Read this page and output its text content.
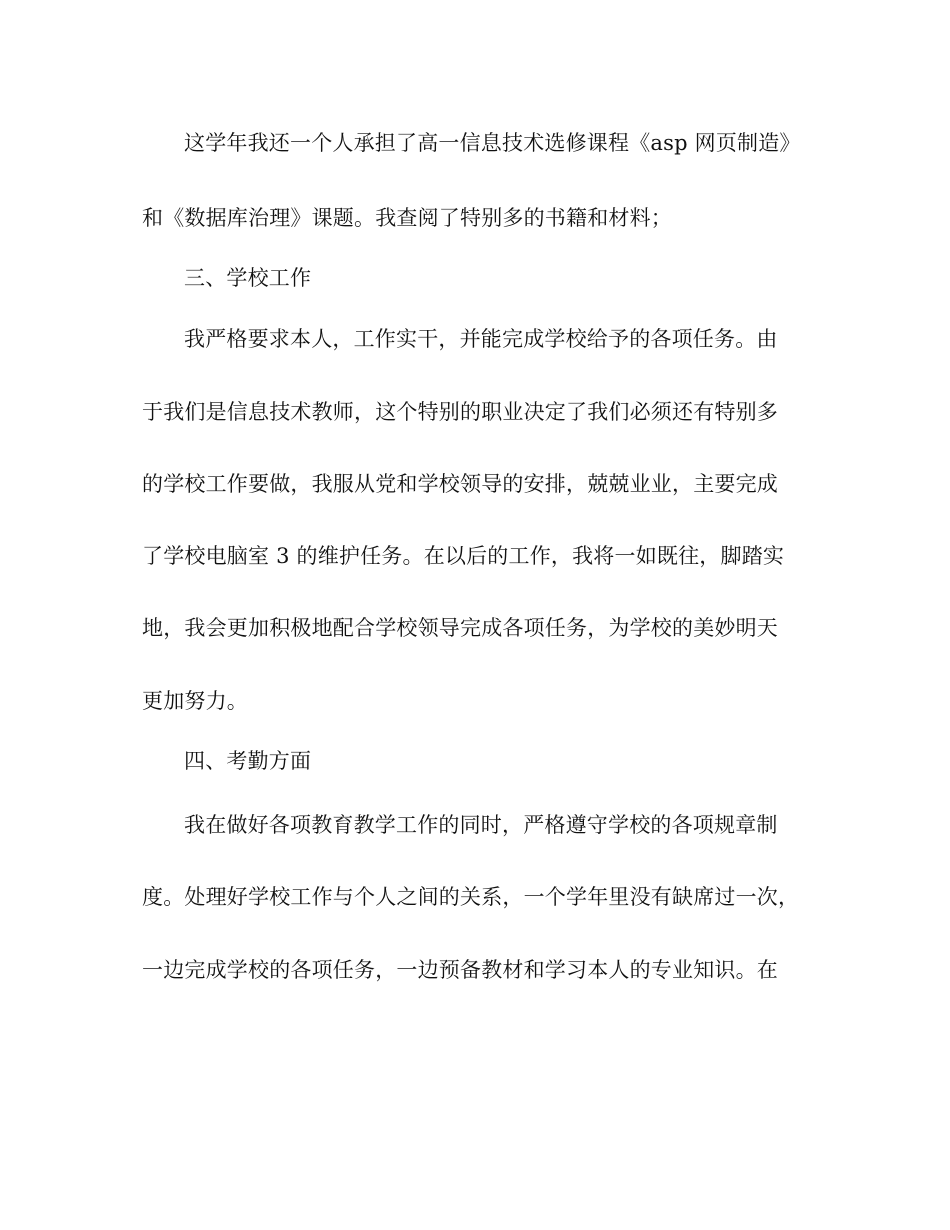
这学年我还一个人承担了高一信息技术选修课程《asp 网页制造》
和《数据库治理》课题。我查阅了特别多的书籍和材料；
三、学校工作
我严格要求本人，工作实干，并能完成学校给予的各项任务。由
于我们是信息技术教师，这个特别的职业决定了我们必须还有特别多
的学校工作要做，我服从党和学校领导的安排，兢兢业业，主要完成
了学校电脑室 3 的维护任务。在以后的工作，我将一如既往，脚踏实
地，我会更加积极地配合学校领导完成各项任务，为学校的美妙明天
更加努力。
四、考勤方面
我在做好各项教育教学工作的同时，严格遵守学校的各项规章制
度。处理好学校工作与个人之间的关系，一个学年里没有缺席过一次，
一边完成学校的各项任务，一边预备教材和学习本人的专业知识。在
